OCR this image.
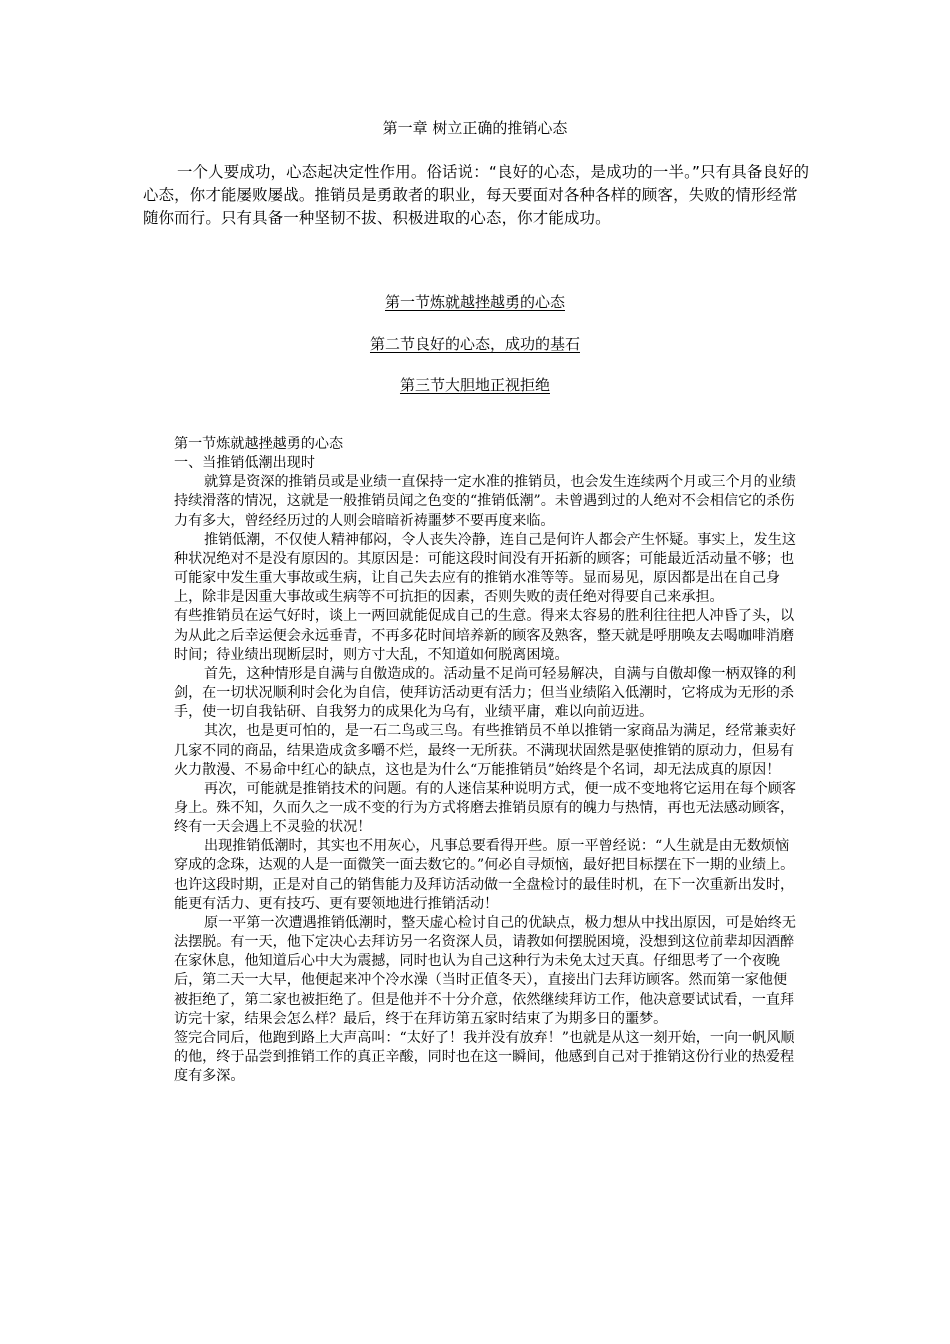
第一章 树立正确的推销心态

一个人要成功，心态起决定性作用。俗话说：“良好的心态，是成功的一半。”只有具备良好的心态，你才能屡败屡战。推销员是勇敢者的职业，每天要面对各种各样的顾客，失败的情形经常随你而行。只有具备一种坚韧不拔、积极进取的心态，你才能成功。

第一节炼就越挫越勇的心态
第二节良好的心态，成功的基石
第三节大胆地正视拒绝

第一节炼就越挫越勇的心态

一、当推销低潮出现时

就算是资深的推销员或是业绩一直保持一定水准的推销员，也会发生连续两个月或三个月的业绩持续滑落的情况，这就是一般推销员闻之色变的“推销低潮”。未曾遇到过的人绝对不会相信它的杀伤力有多大，曾经经历过的人则会暗暗祈祷噩梦不要再度来临。

推销低潮，不仅使人精神郁闷，令人丧失冷静，连自己是何许人都会产生怀疑。事实上，发生这种状况绝对不是没有原因的。其原因是：可能这段时间没有开拓新的顾客；可能最近活动量不够；也可能家中发生重大事故或生病，让自己失去应有的推销水准等等。显而易见，原因都是出在自己身上，除非是因重大事故或生病等不可抗拒的因素，否则失败的责任绝对得要自己来承担。

有些推销员在运气好时，谈上一两回就能促成自己的生意。得来太容易的胜利往往把人冲昏了头，以为从此之后幸运便会永远垂青，不再多花时间培养新的顾客及熟客，整天就是呼朋唤友去喝咖啡消磨时间；待业绩出现断层时，则方寸大乱，不知道如何脱离困境。

首先，这种情形是自满与自傲造成的。活动量不足尚可轻易解决，自满与自傲却像一柄双锋的利剑，在一切状况顺利时会化为自信，使拜访活动更有活力；但当业绩陷入低潮时，它将成为无形的杀手，使一切自我钻研、自我努力的成果化为乌有，业绩平庸，难以向前迈进。

其次，也是更可怕的，是一石二鸟或三鸟。有些推销员不单以推销一家商品为满足，经常兼卖好几家不同的商品，结果造成贪多嚼不烂，最终一无所获。不满现状固然是驱使推销的原动力，但易有火力散漫、不易命中红心的缺点，这也是为什么“万能推销员”始终是个名词，却无法成真的原因！

再次，可能就是推销技术的问题。有的人迷信某种说明方式，便一成不变地将它运用在每个顾客身上。殊不知，久而久之一成不变的行为方式将磨去推销员原有的魄力与热情，再也无法感动顾客，终有一天会遇上不灵验的状况！

出现推销低潮时，其实也不用灰心，凡事总要看得开些。原一平曾经说：“人生就是由无数烦恼穿成的念珠，达观的人是一面微笑一面去数它的。”何必自寻烦恼，最好把目标摆在下一期的业绩上。也许这段时期，正是对自己的销售能力及拜访活动做一全盘检讨的最佳时机，在下一次重新出发时，能更有活力、更有技巧、更有要领地进行推销活动！

原一平第一次遭遇推销低潮时，整天虚心检讨自己的优缺点，极力想从中找出原因，可是始终无法摆脱。有一天，他下定决心去拜访另一名资深人员，请教如何摆脱困境，没想到这位前辈却因酒醉在家休息，他知道后心中大为震撼，同时也认为自己这种行为未免太过天真。仔细思考了一个夜晚后，第二天一大早，他便起来冲个冷水澡（当时正值冬天），直接出门去拜访顾客。然而第一家他便被拒绝了，第二家也被拒绝了。但是他并不十分介意，依然继续拜访工作，他决意要试试看，一直拜访完十家，结果会怎么样？最后，终于在拜访第五家时结束了为期多日的噩梦。

签完合同后，他跑到路上大声高叫：“太好了！我并没有放弃！”也就是从这一刻开始，一向一帆风顺的他，终于品尝到推销工作的真正辛酸，同时也在这一瞬间，他感到自己对于推销这份行业的热爱程度有多深。
